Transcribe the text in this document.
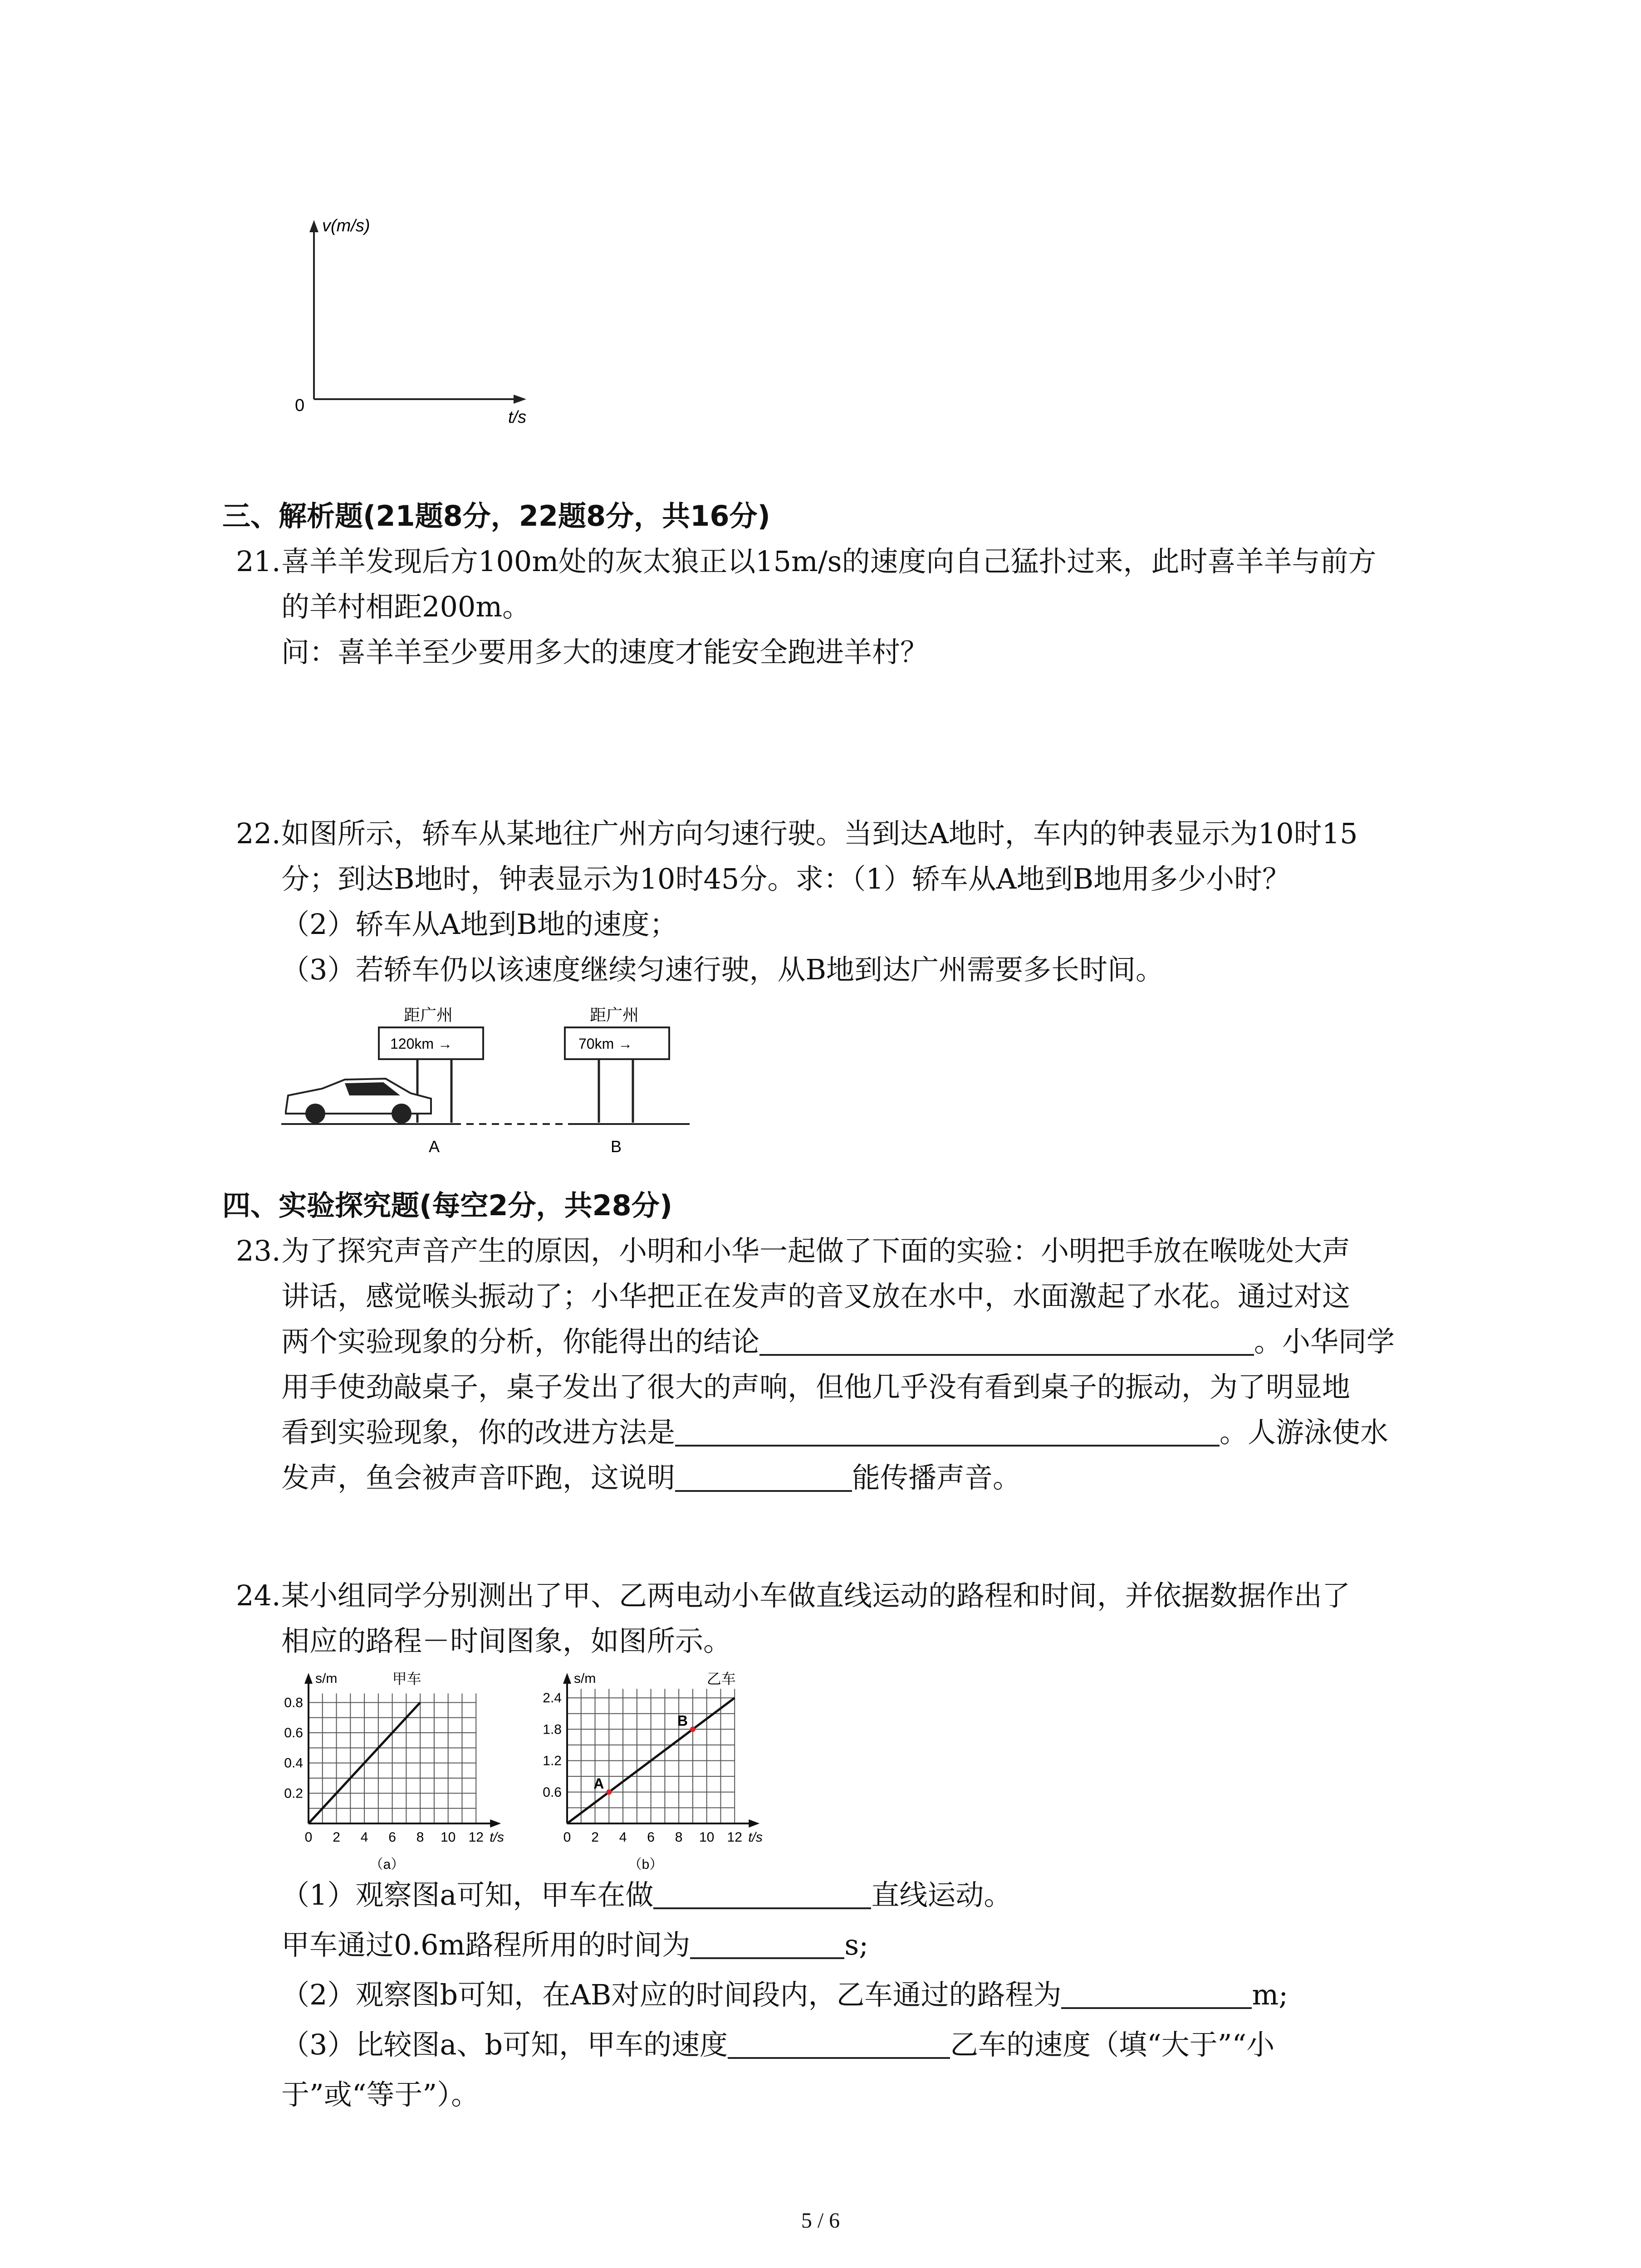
v(m/s)
t/s
0
三、解析题(21题8分，22题8分，共16分)
21.喜羊羊发现后方100m处的灰太狼正以15m/s的速度向自己猛扑过来，此时喜羊羊与前方
的羊村相距200m。
问：喜羊羊至少要用多大的速度才能安全跑进羊村？
22.如图所示，轿车从某地往广州方向匀速行驶。当到达A地时，车内的钟表显示为10时15
分；到达B地时，钟表显示为10时45分。求：（1）轿车从A地到B地用多少小时？
（2）轿车从A地到B地的速度；
（3）若轿车仍以该速度继续匀速行驶，从B地到达广州需要多长时间。
距广州
120km →
距广州
70km →
A	B
四、实验探究题(每空2分，共28分)
23.为了探究声音产生的原因，小明和小华一起做了下面的实验：小明把手放在喉咙处大声
讲话，感觉喉头振动了；小华把正在发声的音叉放在水中，水面激起了水花。通过对这
两个实验现象的分析，你能得出的结论	。小华同学
用手使劲敲桌子，桌子发出了很大的声响，但他几乎没有看到桌子的振动，为了明显地
看到实验现象，你的改进方法是	。人游泳使水
发声，鱼会被声音吓跑，这说明	能传播声音。
24.某小组同学分别测出了甲、乙两电动小车做直线运动的路程和时间，并依据数据作出了
相应的路程－时间图象，如图所示。
s/m
t/s
甲车
0 2 4 6 8 10 12
0.2
0.4
0.6
0.8
（a）
s/m
t/s
乙车
0 2 4 6 8 10 12
0.6
1.2
1.8
2.4
A
B
（b）
（1）观察图a可知，甲车在做	直线运动。
甲车通过0.6m路程所用的时间为	s;
（2）观察图b可知，在AB对应的时间段内，乙车通过的路程为	m;
（3）比较图a、b可知，甲车的速度	乙车的速度（填“大于”“小
于”或“等于”）。
5 / 6
